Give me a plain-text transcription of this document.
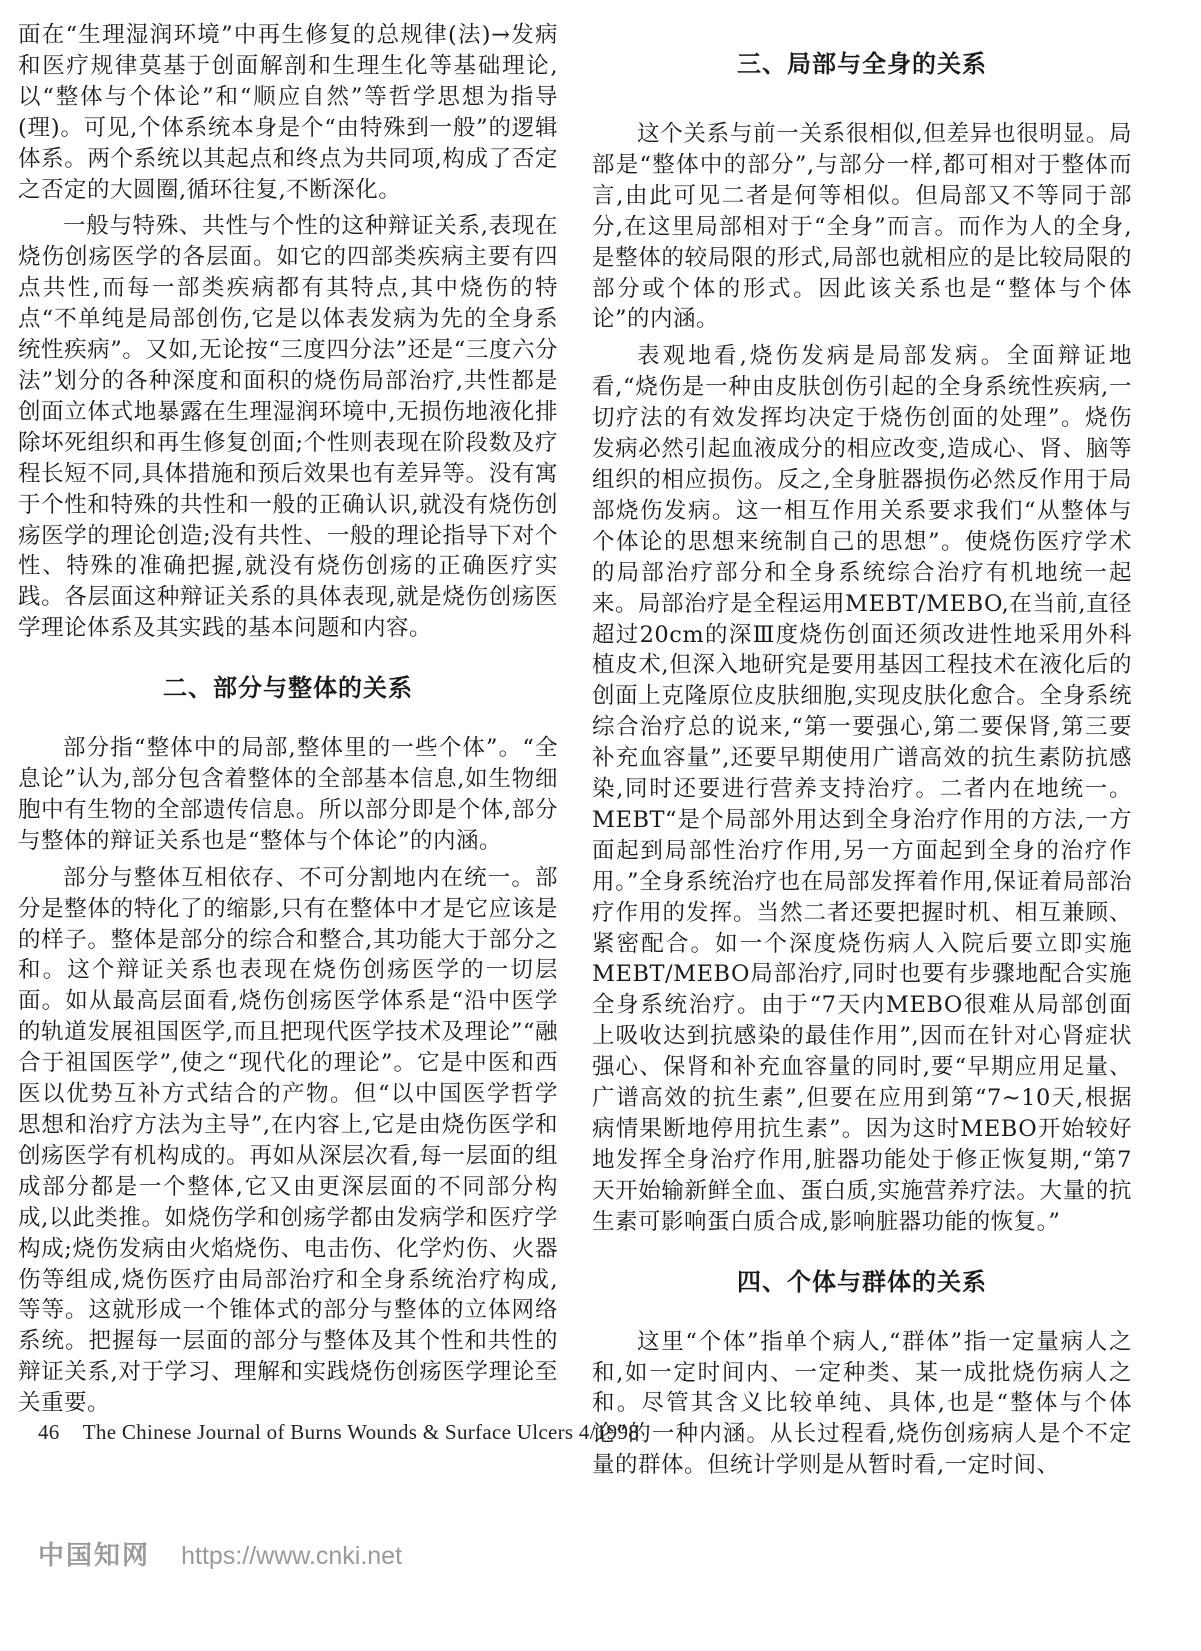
面在“生理湿润环境”中再生修复的总规律(法)→发病和医疗规律莫基于创面解剖和生理生化等基础理论,以“整体与个体论”和“顺应自然”等哲学思想为指导(理)。可见,个体系统本身是个“由特殊到一般”的逻辑体系。两个系统以其起点和终点为共同项,构成了否定之否定的大圆圈,循环往复,不断深化。

一般与特殊、共性与个性的这种辩证关系,表现在烧伤创疡医学的各层面。如它的四部类疾病主要有四点共性,而每一部类疾病都有其特点,其中烧伤的特点“不单纯是局部创伤,它是以体表发病为先的全身系统性疾病”。又如,无论按“三度四分法”还是“三度六分法”划分的各种深度和面积的烧伤局部治疗,共性都是创面立体式地暴露在生理湿润环境中,无损伤地液化排除坏死组织和再生修复创面;个性则表现在阶段数及疗程长短不同,具体措施和预后效果也有差异等。没有寓于个性和特殊的共性和一般的正确认识,就没有烧伤创疡医学的理论创造;没有共性、一般的理论指导下对个性、特殊的准确把握,就没有烧伤创疡的正确医疗实践。各层面这种辩证关系的具体表现,就是烧伤创疡医学理论体系及其实践的基本问题和内容。

二、部分与整体的关系

部分指“整体中的局部,整体里的一些个体”。“全息论”认为,部分包含着整体的全部基本信息,如生物细胞中有生物的全部遗传信息。所以部分即是个体,部分与整体的辩证关系也是“整体与个体论”的内涵。

部分与整体互相依存、不可分割地内在统一。部分是整体的特化了的缩影,只有在整体中才是它应该是的样子。整体是部分的综合和整合,其功能大于部分之和。这个辩证关系也表现在烧伤创疡医学的一切层面。如从最高层面看,烧伤创疡医学体系是“沿中医学的轨道发展祖国医学,而且把现代医学技术及理论”“融合于祖国医学”,使之“现代化的理论”。它是中医和西医以优势互补方式结合的产物。但“以中国医学哲学思想和治疗方法为主导”,在内容上,它是由烧伤医学和创疡医学有机构成的。再如从深层次看,每一层面的组成部分都是一个整体,它又由更深层面的不同部分构成,以此类推。如烧伤学和创疡学都由发病学和医疗学构成;烧伤发病由火焰烧伤、电击伤、化学灼伤、火器伤等组成,烧伤医疗由局部治疗和全身系统治疗构成,等等。这就形成一个锥体式的部分与整体的立体网络系统。把握每一层面的部分与整体及其个性和共性的辩证关系,对于学习、理解和实践烧伤创疡医学理论至关重要。

三、局部与全身的关系

这个关系与前一关系很相似,但差异也很明显。局部是“整体中的部分”,与部分一样,都可相对于整体而言,由此可见二者是何等相似。但局部又不等同于部分,在这里局部相对于“全身”而言。而作为人的全身,是整体的较局限的形式,局部也就相应的是比较局限的部分或个体的形式。因此该关系也是“整体与个体论”的内涵。

表观地看,烧伤发病是局部发病。全面辩证地看,“烧伤是一种由皮肤创伤引起的全身系统性疾病,一切疗法的有效发挥均决定于烧伤创面的处理”。烧伤发病必然引起血液成分的相应改变,造成心、肾、脑等组织的相应损伤。反之,全身脏器损伤必然反作用于局部烧伤发病。这一相互作用关系要求我们“从整体与个体论的思想来统制自己的思想”。使烧伤医疗学术的局部治疗部分和全身系统综合治疗有机地统一起来。局部治疗是全程运用MEBT/MEBO,在当前,直径超过20cm的深Ⅲ度烧伤创面还须改进性地采用外科植皮术,但深入地研究是要用基因工程技术在液化后的创面上克隆原位皮肤细胞,实现皮肤化愈合。全身系统综合治疗总的说来,“第一要强心,第二要保肾,第三要补充血容量”,还要早期使用广谱高效的抗生素防抗感染,同时还要进行营养支持治疗。二者内在地统一。MEBT“是个局部外用达到全身治疗作用的方法,一方面起到局部性治疗作用,另一方面起到全身的治疗作用。”全身系统治疗也在局部发挥着作用,保证着局部治疗作用的发挥。当然二者还要把握时机、相互兼顾、紧密配合。如一个深度烧伤病人入院后要立即实施MEBT/MEBO局部治疗,同时也要有步骤地配合实施全身系统治疗。由于“7天内MEBO很难从局部创面上吸收达到抗感染的最佳作用”,因而在针对心肾症状强心、保肾和补充血容量的同时,要“早期应用足量、广谱高效的抗生素”,但要在应用到第“7~10天,根据病情果断地停用抗生素”。因为这时MEBO开始较好地发挥全身治疗作用,脏器功能处于修正恢复期,“第7天开始输新鲜全血、蛋白质,实施营养疗法。大量的抗生素可影响蛋白质合成,影响脏器功能的恢复。”

四、个体与群体的关系

这里“个体”指单个病人,“群体”指一定量病人之和,如一定时间内、一定种类、某一成批烧伤病人之和。尽管其含义比较单纯、具体,也是“整体与个体论”的一种内涵。从长过程看,烧伤创疡病人是个不定量的群体。但统计学则是从暂时看,一定时间、

46 The Chinese Journal of Burns Wounds & Surface Ulcers 4/1998
中国知网 https://www.cnki.net
